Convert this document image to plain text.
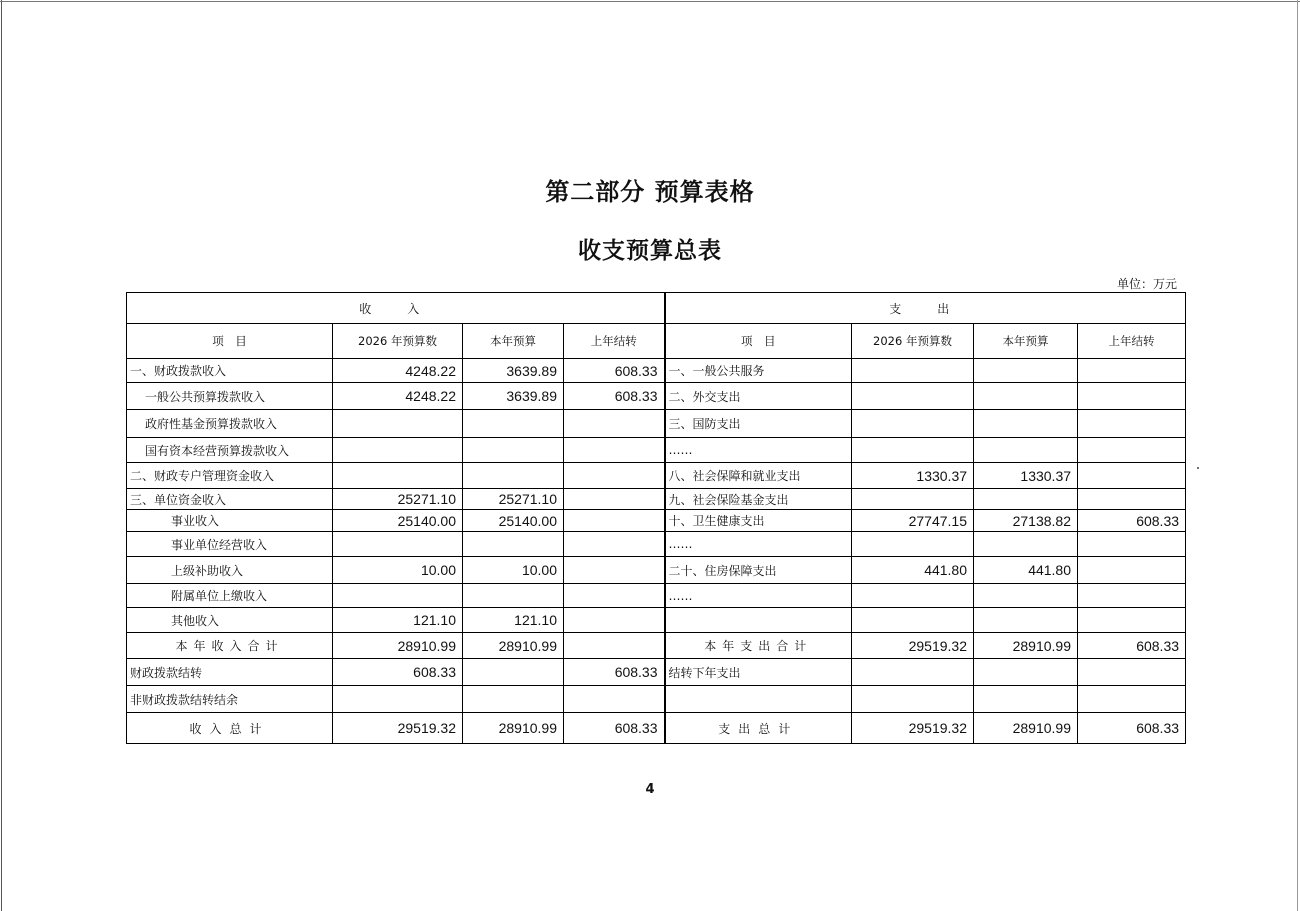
第二部分 预算表格
收支预算总表
单位：万元
收　入				支　出			
项　目	2026 年预算数	本年预算	上年结转	项　目	2026 年预算数	本年预算	上年结转
一、财政拨款收入	4248.22	3639.89	608.33	一、一般公共服务			
一般公共预算拨款收入	4248.22	3639.89	608.33	二、外交支出			
政府性基金预算拨款收入				三、国防支出			
国有资本经营预算拨款收入				……			
二、财政专户管理资金收入				八、社会保障和就业支出	1330.37	1330.37	
三、单位资金收入	25271.10	25271.10		九、社会保险基金支出			
事业收入	25140.00	25140.00		十、卫生健康支出	27747.15	27138.82	608.33
事业单位经营收入				……			
上级补助收入	10.00	10.00		二十、住房保障支出	441.80	441.80	
附属单位上缴收入				……			
其他收入	121.10	121.10					
本年收入合计	28910.99	28910.99		本年支出合计	29519.32	28910.99	608.33
财政拨款结转	608.33		608.33	结转下年支出			
非财政拨款结转结余							
收入总计	29519.32	28910.99	608.33	支出总计	29519.32	28910.99	608.33
4
